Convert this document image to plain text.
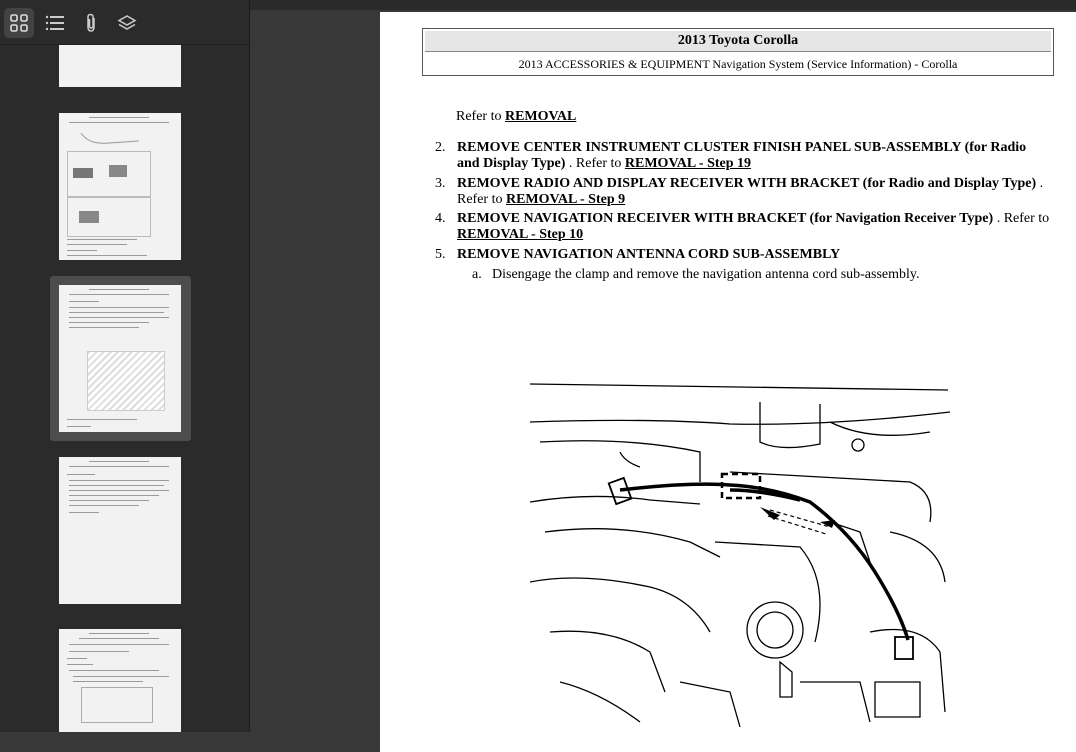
2013 Toyota Corolla
2013 ACCESSORIES & EQUIPMENT Navigation System (Service Information) - Corolla
Refer to REMOVAL
2. REMOVE CENTER INSTRUMENT CLUSTER FINISH PANEL SUB-ASSEMBLY (for Radio and Display Type) . Refer to REMOVAL - Step 19
3. REMOVE RADIO AND DISPLAY RECEIVER WITH BRACKET (for Radio and Display Type) . Refer to REMOVAL - Step 9
4. REMOVE NAVIGATION RECEIVER WITH BRACKET (for Navigation Receiver Type) . Refer to REMOVAL - Step 10
5. REMOVE NAVIGATION ANTENNA CORD SUB-ASSEMBLY
a. Disengage the clamp and remove the navigation antenna cord sub-assembly.
